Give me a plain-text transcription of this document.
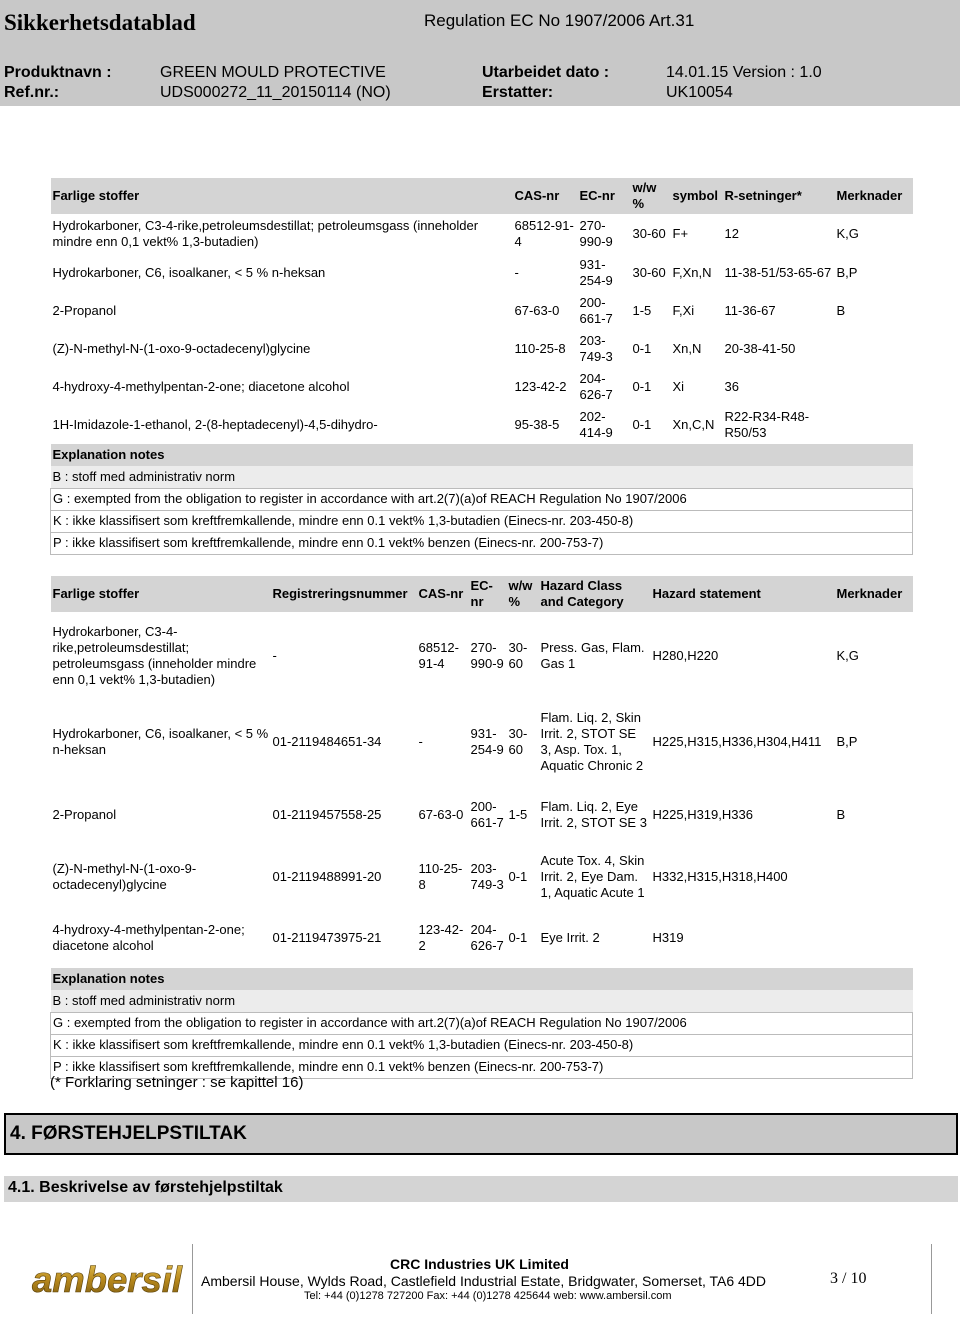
Sikkerhetsdatablad	Regulation EC No 1907/2006 Art.31
Produktnavn :	GREEN MOULD PROTECTIVE	Utarbeidet dato :	14.01.15 Version : 1.0
Ref.nr.:	UDS000272_11_20150114 (NO)	Erstatter:	UK10054
Farlige stoffer	CAS-nr	EC-nr	w/w %	symbol	R-setninger*	Merknader
Hydrokarboner, C3-4-rike,petroleumsdestillat; petroleumsgass (inneholder mindre enn 0,1 vekt% 1,3-butadien)	68512-91-4	270-990-9	30-60	F+	12	K,G
Hydrokarboner, C6, isoalkaner, < 5 % n-heksan	-	931-254-9	30-60	F,Xn,N	11-38-51/53-65-67	B,P
2-Propanol	67-63-0	200-661-7	1-5	F,Xi	11-36-67	B
(Z)-N-methyl-N-(1-oxo-9-octadecenyl)glycine	110-25-8	203-749-3	0-1	Xn,N	20-38-41-50	
4-hydroxy-4-methylpentan-2-one; diacetone alcohol	123-42-2	204-626-7	0-1	Xi	36	
1H-Imidazole-1-ethanol, 2-(8-heptadecenyl)-4,5-dihydro-	95-38-5	202-414-9	0-1	Xn,C,N	R22-R34-R48-R50/53	
Explanation notes						
B : stoff med administrativ norm						
G : exempted from the obligation to register in accordance with art.2(7)(a)of REACH Regulation No 1907/2006						
K : ikke klassifisert som kreftfremkallende, mindre enn 0.1 vekt% 1,3-butadien (Einecs-nr. 203-450-8)						
P : ikke klassifisert som kreftfremkallende, mindre enn 0.1 vekt% benzen (Einecs-nr. 200-753-7)						
Farlige stoffer	Registreringsnummer	CAS-nr	EC-nr	w/w %	Hazard Class and Category	Hazard statement	Merknader
Hydrokarboner, C3-4-rike,petroleumsdestillat; petroleumsgass (inneholder mindre enn 0,1 vekt% 1,3-butadien)	-	68512-91-4	270-990-9	30-60	Press. Gas, Flam. Gas 1	H280,H220	K,G
Hydrokarboner, C6, isoalkaner, < 5 % n-heksan	01-2119484651-34	-	931-254-9	30-60	Flam. Liq. 2, Skin Irrit. 2, STOT SE 3, Asp. Tox. 1, Aquatic Chronic 2	H225,H315,H336,H304,H411	B,P
2-Propanol	01-2119457558-25	67-63-0	200-661-7	1-5	Flam. Liq. 2, Eye Irrit. 2, STOT SE 3	H225,H319,H336	B
(Z)-N-methyl-N-(1-oxo-9-octadecenyl)glycine	01-2119488991-20	110-25-8	203-749-3	0-1	Acute Tox. 4, Skin Irrit. 2, Eye Dam. 1, Aquatic Acute 1	H332,H315,H318,H400	
4-hydroxy-4-methylpentan-2-one; diacetone alcohol	01-2119473975-21	123-42-2	204-626-7	0-1	Eye Irrit. 2	H319	
Explanation notes							
B : stoff med administrativ norm							
G : exempted from the obligation to register in accordance with art.2(7)(a)of REACH Regulation No 1907/2006							
K : ikke klassifisert som kreftfremkallende, mindre enn 0.1 vekt% 1,3-butadien (Einecs-nr. 203-450-8)							
P : ikke klassifisert som kreftfremkallende, mindre enn 0.1 vekt% benzen (Einecs-nr. 200-753-7)							
(* Forklaring setninger : se kapittel 16)
4. FØRSTEHJELPSTILTAK
4.1. Beskrivelse av førstehjelpstiltak
ambersil	CRC Industries UK Limited
Ambersil House, Wylds Road, Castlefield Industrial Estate, Bridgwater, Somerset, TA6 4DD
Tel: +44 (0)1278 727200 Fax: +44 (0)1278 425644 web: www.ambersil.com
3 / 10
